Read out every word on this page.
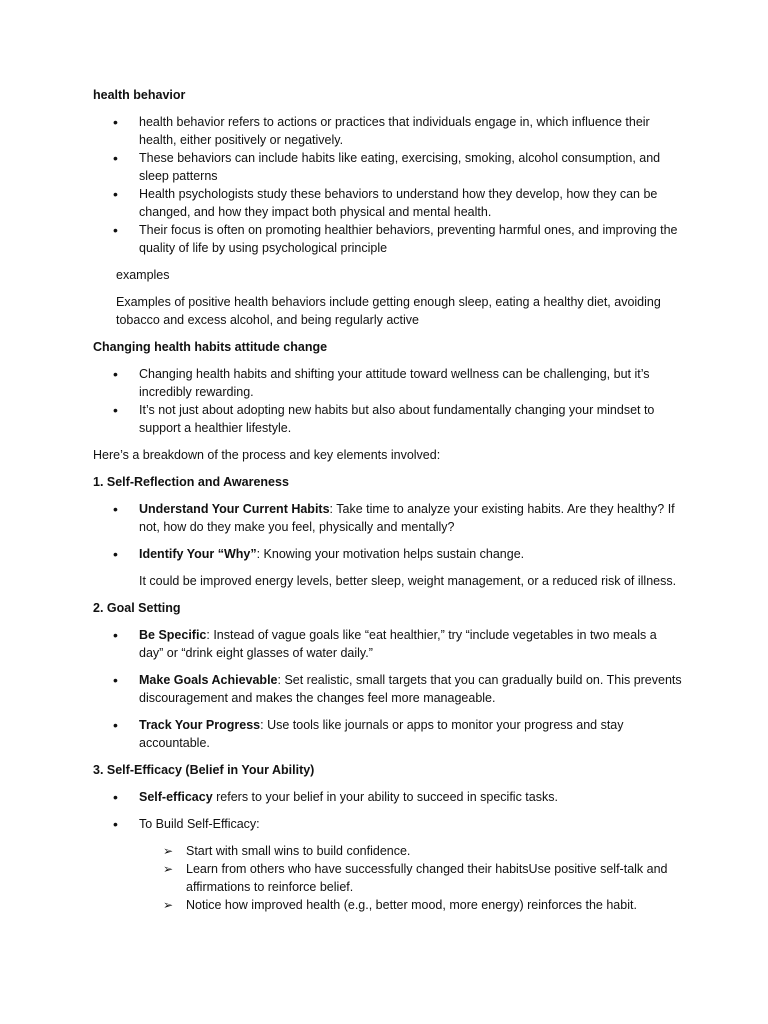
health behavior

• health behavior refers to actions or practices that individuals engage in, which influence their health, either positively or negatively.
• These behaviors can include habits like eating, exercising, smoking, alcohol consumption, and sleep patterns
• Health psychologists study these behaviors to understand how they develop, how they can be changed, and how they impact both physical and mental health.
• Their focus is often on promoting healthier behaviors, preventing harmful ones, and improving the quality of life by using psychological principle

examples

Examples of positive health behaviors include getting enough sleep, eating a healthy diet, avoiding tobacco and excess alcohol, and being regularly active

Changing health habits attitude change

• Changing health habits and shifting your attitude toward wellness can be challenging, but it’s incredibly rewarding.
• It’s not just about adopting new habits but also about fundamentally changing your mindset to support a healthier lifestyle.

Here’s a breakdown of the process and key elements involved:

1. Self-Reflection and Awareness

• Understand Your Current Habits: Take time to analyze your existing habits. Are they healthy? If not, how do they make you feel, physically and mentally?
• Identify Your “Why”: Knowing your motivation helps sustain change.

It could be improved energy levels, better sleep, weight management, or a reduced risk of illness.

2. Goal Setting

• Be Specific: Instead of vague goals like “eat healthier,” try “include vegetables in two meals a day” or “drink eight glasses of water daily.”
• Make Goals Achievable: Set realistic, small targets that you can gradually build on. This prevents discouragement and makes the changes feel more manageable.
• Track Your Progress: Use tools like journals or apps to monitor your progress and stay accountable.

3. Self-Efficacy (Belief in Your Ability)

• Self-efficacy refers to your belief in your ability to succeed in specific tasks.
• To Build Self-Efficacy:
➢ Start with small wins to build confidence.
➢ Learn from others who have successfully changed their habitsUse positive self-talk and affirmations to reinforce belief.
➢ Notice how improved health (e.g., better mood, more energy) reinforces the habit.
